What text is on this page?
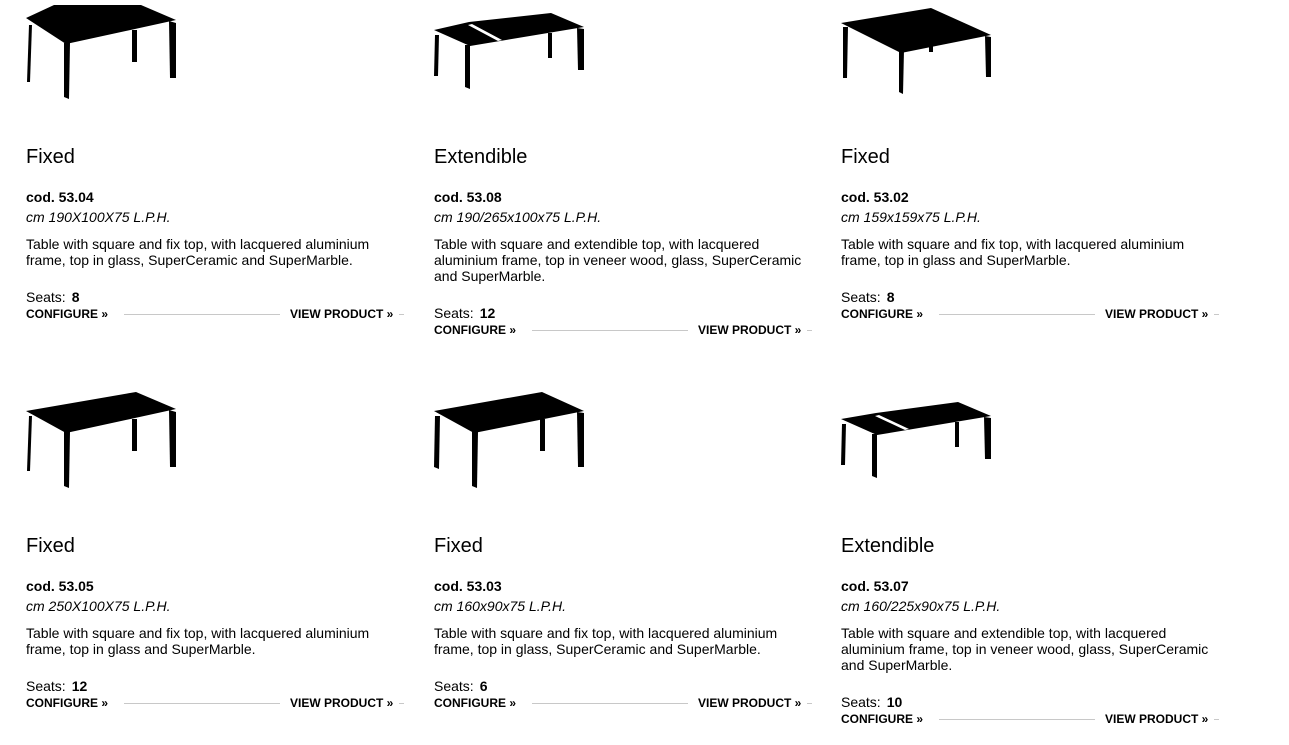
Fixed
cod. 53.04
cm 190X100X75 L.P.H.
Table with square and fix top, with lacquered aluminium frame, top in glass, SuperCeramic and SuperMarble.
Seats: 8
CONFIGURE »	VIEW PRODUCT »
Extendible
cod. 53.08
cm 190/265x100x75 L.P.H.
Table with square and extendible top, with lacquered aluminium frame, top in veneer wood, glass, SuperCeramic and SuperMarble.
Seats: 12
CONFIGURE »	VIEW PRODUCT »
Fixed
cod. 53.02
cm 159x159x75 L.P.H.
Table with square and fix top, with lacquered aluminium frame, top in glass and SuperMarble.
Seats: 8
CONFIGURE »	VIEW PRODUCT »
Fixed
cod. 53.05
cm 250X100X75 L.P.H.
Table with square and fix top, with lacquered aluminium frame, top in glass and SuperMarble.
Seats: 12
CONFIGURE »	VIEW PRODUCT »
Fixed
cod. 53.03
cm 160x90x75 L.P.H.
Table with square and fix top, with lacquered aluminium frame, top in glass, SuperCeramic and SuperMarble.
Seats: 6
CONFIGURE »	VIEW PRODUCT »
Extendible
cod. 53.07
cm 160/225x90x75 L.P.H.
Table with square and extendible top, with lacquered aluminium frame, top in veneer wood, glass, SuperCeramic and SuperMarble.
Seats: 10
CONFIGURE »	VIEW PRODUCT »
